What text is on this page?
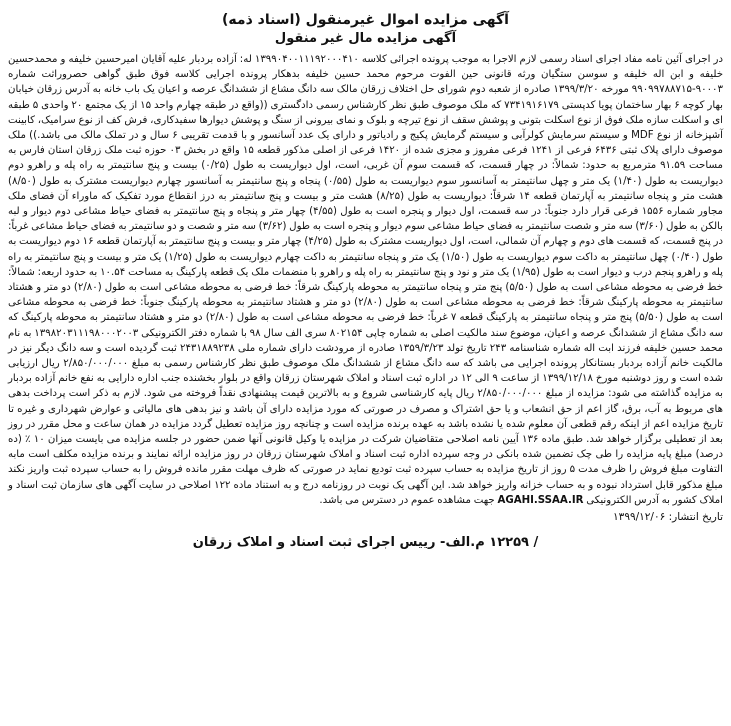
آگهی مزایده اموال غیرمنقول (اسناد ذمه)
آگهی مزایده مال غیر منقول

در اجرای آئین نامه مفاد اجرای اسناد رسمی لازم الاجرا به موجب پرونده اجرائی کلاسه ۱۳۹۹۰۴۰۰۱۱۱۹۲۰۰۰۴۱۰ له: آزاده بردبار علیه آقایان امیرحسین خلیفه و محمدحسین خلیفه و ابن اله خلیفه و سوسن ستگیان ورثه قانونی حین الفوت مرحوم محمد حسین خلیفه بدهکار پرونده اجرایی کلاسه فوق طبق گواهی حصروراثت شماره ۹۰۰۰۳-۹۹۰۹۹۷۸۸۷۱۵ مورخه ۱۳۹۹/۳/۲۰ صادره از شعبه دوم شورای حل اختلاف زرقان مالک سه دانگ مشاع از ششدانگ عرصه و اعیان یک باب خانه به آدرس زرقان خیابان بهار کوچه ۶ بهار ساختمان پویا کدپستی ۷۳۴۱۹۱۶۱۷۹ که ملک موصوف طبق نظر کارشناس رسمی دادگستری ((واقع در طبقه چهارم واحد ۱۵ از یک مجتمع ۲۰ واحدی ۵ طبقه ای و اسکلت سازه ملک فوق از نوع اسکلت بتونی و پوشش سقف از نوع تیرچه و بلوک و نمای بیرونی از سنگ و پوشش دیوارها سفیدکاری، فرش کف از نوع سرامیک، کابینت آشپزخانه از نوع MDF و سیستم سرمایش کولرآبی و سیستم گرمایش پکیج و رادیاتور و دارای یک عدد آسانسور و با قدمت تقریبی ۶ سال و در تملک مالک می باشد.)) ملک موصوف دارای پلاک ثبتی ۶۴۳۶ فرعی از ۱۲۴۱ فرعی مفروز و مجزی شده از ۱۴۲۰ فرعی از اصلی مذکور قطعه ۱۵ واقع در بخش ۰۳ حوزه ثبت ملک زرقان استان فارس به مساحت ۹۱.۵۹ مترمربع به حدود: شمالاً: در چهار قسمت، که قسمت سوم آن غربی، است، اول دیواریست به طول (۰/۲۵) بیست و پنج سانتیمتر به راه پله و راهرو دوم دیواریست به طول (۱/۴۰) یک متر و چهل سانتیمتر به آسانسور سوم دیواریست به طول (۰/۵۵) پنجاه و پنج سانتیمتر به آسانسور چهارم دیواریست مشترک به طول (۸/۵۰) هشت متر و پنجاه سانتیمتر به آپارتمان قطعه ۱۴ شرقاً: دیواریست به طول (۸/۲۵) هشت متر و بیست و پنج سانتیمتر به درز انقطاع مورد تفکیک که ماوراء آن فضای ملک مجاور شماره ۱۵۵۶ فرعی قرار دارد جنوباً: در سه قسمت، اول دیوار و پنجره است به طول (۴/۵۵) چهار متر و پنجاه و پنج سانتیمتر به فضای حیاط مشاعی دوم دیوار و لبه بالکن به طول (۳/۶۰) سه متر و شصت سانتیمتر به فضای حیاط مشاعی سوم دیوار و پنجره است به طول (۳/۶۲) سه متر و شصت و دو سانتیمتر به فضای حیاط مشاعی غرباً: در پنج قسمت، که قسمت های دوم و چهارم آن شمالی، است، اول دیواریست مشترک به طول (۴/۲۵) چهار متر و بیست و پنج سانتیمتر به آپارتمان قطعه ۱۶ دوم دیواریست به طول (۰/۴۰) چهل سانتیمتر به داکت سوم دیواریست به طول (۱/۵۰) یک متر و پنجاه سانتیمتر به داکت چهارم دیواریست به طول (۱/۲۵) یک متر و بیست و پنج سانتیمتر به راه پله و راهرو پنجم درب و دیوار است به طول (۱/۹۵) یک متر و نود و پنج سانتیمتر به راه پله و راهرو با منضمات ملک یک قطعه پارکینگ به مساحت ۱۰.۵۴ به حدود اربعه: شمالاً: خط فرضی به محوطه مشاعی است به طول (۵/۵۰) پنج متر و پنجاه سانتیمتر به محوطه پارکینگ شرقاً: خط فرضی به محوطه مشاعی است به طول (۲/۸۰) دو متر و هشتاد سانتیمتر به محوطه پارکینگ شرقاً: خط فرضی به محوطه مشاعی است به طول (۲/۸۰) دو متر و هشتاد سانتیمتر به محوطه پارکینگ جنوباً: خط فرضی به محوطه مشاعی است به طول (۵/۵۰) پنج متر و پنجاه سانتیمتر به پارکینگ قطعه ۷ غرباً: خط فرضی به محوطه مشاعی است به طول (۲/۸۰) دو متر و هشتاد سانتیمتر به محوطه پارکینگ که سه دانگ مشاع از ششدانگ عرصه و اعیان، موضوع سند مالکیت اصلی به شماره چاپی ۸۰۲۱۵۴ سری الف سال ۹۸ با شماره دفتر الکترونیکی ۱۳۹۸۲۰۳۱۱۱۹۸۰۰۰۲۰۰۳ به نام محمد حسین خلیفه فرزند ابت اله شماره شناسنامه ۲۴۳ تاریخ تولد ۱۳۵۹/۳/۲۳ صادره از مرودشت دارای شماره ملی ۲۴۳۱۸۸۹۲۳۸ ثبت گردیده است و سه دانگ دیگر نیز در مالکیت خانم آزاده بردبار بستانکار پرونده اجرایی می باشد که سه دانگ مشاع از ششدانگ ملک موصوف طبق نظر کارشناس رسمی به مبلغ ۲/۸۵۰/۰۰۰/۰۰۰ ریال ارزیابی شده است و روز دوشنبه مورخ ۱۳۹۹/۱۲/۱۸ از ساعت ۹ الی ۱۲ در اداره ثبت اسناد و املاک شهرستان زرقان واقع در بلوار بخشنده جنب اداره دارایی به نفع خانم آزاده بردبار به مزایده گذاشته می شود: مزایده از مبلغ ۲/۸۵۰/۰۰۰/۰۰۰ ریال پایه کارشناسی شروع و به بالاترین قیمت پیشنهادی نقداً فروخته می شود. لازم به ذکر است پرداخت بدهی های مربوط به آب، برق، گاز اعم از حق انشعاب و یا حق اشتراک و مصرف در صورتی که مورد مزایده دارای آن باشد و نیز بدهی های مالیاتی و عوارض شهرداری و غیره تا تاریخ مزایده اعم از اینکه رقم قطعی آن معلوم شده یا نشده باشد به عهده برنده مزایده است و چنانچه روز مزایده تعطیل گردد مزایده در همان ساعت و محل مقرر در روز بعد از تعطیلی برگزار خواهد شد. طبق ماده ۱۳۶ آیین نامه اصلاحی متقاضیان شرکت در مزایده یا وکیل قانونی آنها ضمن حضور در جلسه مزایده می بایست میزان ۱۰ ٪ (ده درصد) مبلغ پایه مزایده را طی چک تضمین شده بانکی در وجه سپرده اداره ثبت اسناد و املاک شهرستان زرقان در روز مزایده ارائه نمایند و برنده مزایده مکلف است مابه التفاوت مبلغ فروش را ظرف مدت ۵ روز از تاریخ مزایده به حساب سپرده ثبت تودیع نماید در صورتی که ظرف مهلت مقرر مانده فروش را به حساب سپرده ثبت واریز نکند مبلغ مذکور قابل استرداد نبوده و به حساب خزانه واریز خواهد شد. این آگهی یک نوبت در روزنامه درج و به استناد ماده ۱۲۲ اصلاحی در سایت آگهی های سازمان ثبت اسناد و املاک کشور به آدرس الکترونیکی AGAHI.SSAA.IR جهت مشاهده عموم در دسترس می باشد.

تاریخ انتشار: ۱۳۹۹/۱۲/۰۶

/ ۱۲۲۵۹ م.الف- رییس اجرای ثبت اسناد و املاک زرقان
